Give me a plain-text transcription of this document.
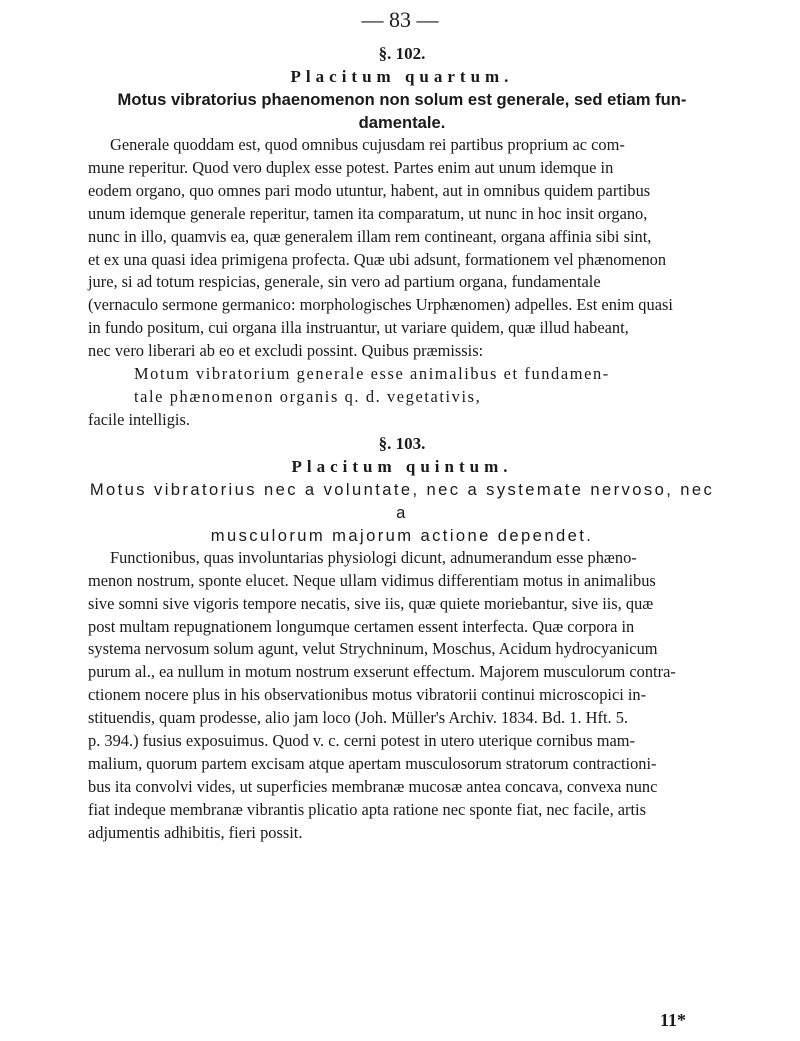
— 83 —
§. 102.
Placitum quartum.
Motus vibratorius phaenomenon non solum est generale, sed etiam fun-damentale.

Generale quoddam est, quod omnibus cujusdam rei partibus proprium ac com-
mune reperitur. Quod vero duplex esse potest. Partes enim aut unum idemque in
eodem organo, quo omnes pari modo utuntur, habent, aut in omnibus quidem partibus
unum idemque generale reperitur, tamen ita comparatum, ut nunc in hoc insit organo,
nunc in illo, quamvis ea, quæ generalem illam rem contineant, organa affinia sibi sint,
et ex una quasi idea primigena profecta. Quæ ubi adsunt, formationem vel phænomenon
jure, si ad totum respicias, generale, sin vero ad partium organa, fundamentale
(vernaculo sermone germanico: morphologisches Urphænomen) adpelles. Est enim quasi
in fundo positum, cui organa illa instruantur, ut variare quidem, quæ illud habeant,
nec vero liberari ab eo et excludi possint. Quibus præmissis:

Motum vibratorium generale esse animalibus et fundamen-
tale phænomenon organis q. d. vegetativis,
facile intelligis.
§. 103.
Placitum quintum.
Motus vibratorius nec a voluntate, nec a systemate nervoso, nec a
musculorum majorum actione dependet.

Functionibus, quas involuntarias physiologi dicunt, adnumerandum esse phæno-
menon nostrum, sponte elucet. Neque ullam vidimus differentiam motus in animalibus
sive somni sive vigoris tempore necatis, sive iis, quæ quiete moriebantur, sive iis, quæ
post multam repugnationem longumque certamen essent interfecta. Quæ corpora in
systema nervosum solum agunt, velut Strychninum, Moschus, Acidum hydrocyanicum
purum al., ea nullum in motum nostrum exserunt effectum. Majorem musculorum contra-
ctionem nocere plus in his observationibus motus vibratorii continui microscopici in-
stituendis, quam prodesse, alio jam loco (Joh. Müller's Archiv. 1834. Bd. 1. Hft. 5.
p. 394.) fusius exposuimus. Quod v. c. cerni potest in utero uterique cornibus mam-
malium, quorum partem excisam atque apertam musculosorum stratorum contractioni-
bus ita convolvi vides, ut superficies membranæ mucosæ antea concava, convexa nunc
fiat indeque membranæ vibrantis plicatio apta ratione nec sponte fiat, nec facile, artis
adjumentis adhibitis, fieri possit.

11*
